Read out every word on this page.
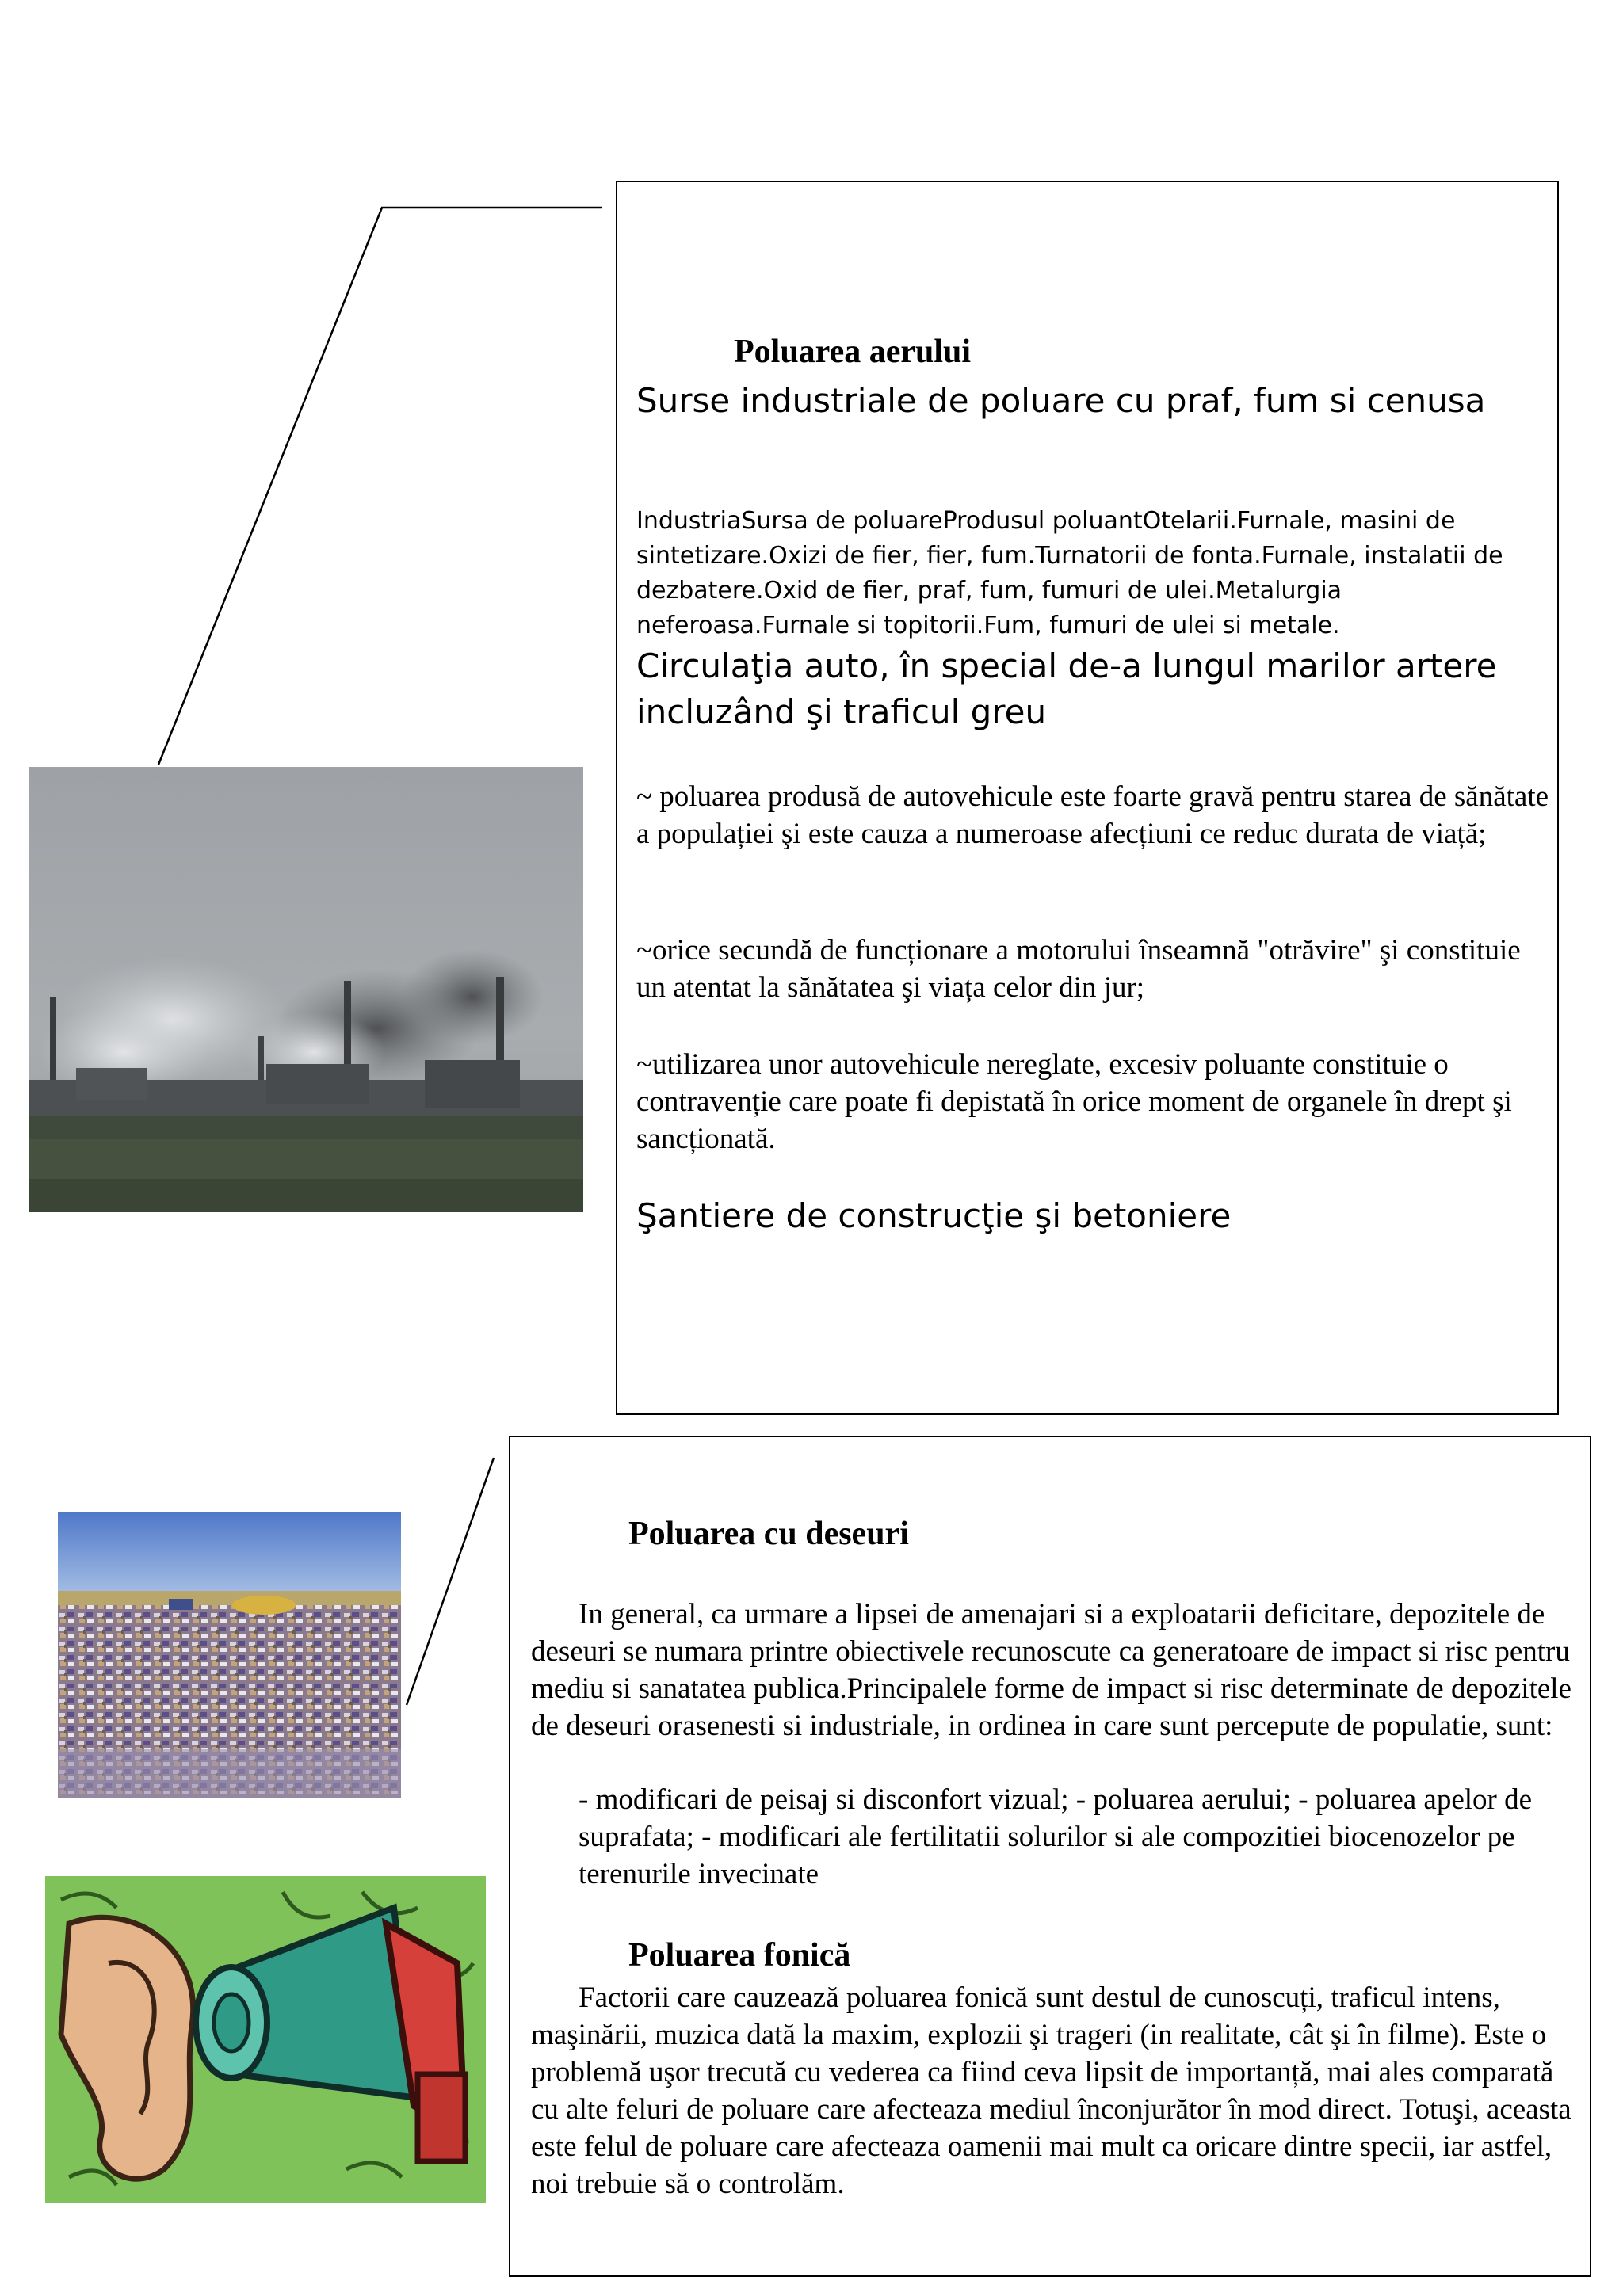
Poluarea aerului

Surse industriale de poluare cu praf, fum si cenusa

IndustriaSursa de poluareProdusul poluantOtelarii.Furnale, masini de sintetizare.Oxizi de fier, fier, fum.Turnatorii de fonta.Furnale, instalatii de dezbatere.Oxid de fier, praf, fum, fumuri de ulei.Metalurgia neferoasa.Furnale si topitorii.Fum, fumuri de ulei si metale.

Circulaţia auto, în special de-a lungul marilor artere incluzând şi traficul greu

~ poluarea produsă de autovehicule este foarte gravă pentru starea de sănătate a populației şi este cauza a numeroase afecțiuni ce reduc durata de viață;

~orice secundă de funcționare a motorului înseamnă "otrăvire" şi constituie un atentat la sănătatea şi viața celor din jur;

~utilizarea unor autovehicule nereglate, excesiv poluante constituie o contravenție care poate fi depistată în orice moment de organele în drept şi sancționată.

Şantiere de construcţie şi betoniere

Poluarea cu deseuri

In general, ca urmare a lipsei de amenajari si a exploatarii deficitare, depozitele de deseuri se numara printre obiectivele recunoscute ca generatoare de impact si risc pentru mediu si sanatatea publica.Principalele forme de impact si risc determinate de depozitele de deseuri orasenesti si industriale, in ordinea in care sunt percepute de populatie, sunt:

- modificari de peisaj si disconfort vizual; - poluarea aerului; - poluarea apelor de suprafata; - modificari ale fertilitatii solurilor si ale compozitiei biocenozelor pe terenurile invecinate

Poluarea fonică

Factorii care cauzează poluarea fonică sunt destul de cunoscuți, traficul intens, maşinării, muzica dată la maxim, explozii şi trageri (in realitate, cât şi în filme). Este o problemă uşor trecută cu vederea ca fiind ceva lipsit de importanță, mai ales comparată cu alte feluri de poluare care afecteaza mediul înconjurător în mod direct. Totuşi, aceasta este felul de poluare care afecteaza oamenii mai mult ca oricare dintre specii, iar astfel, noi trebuie să o controlăm.
